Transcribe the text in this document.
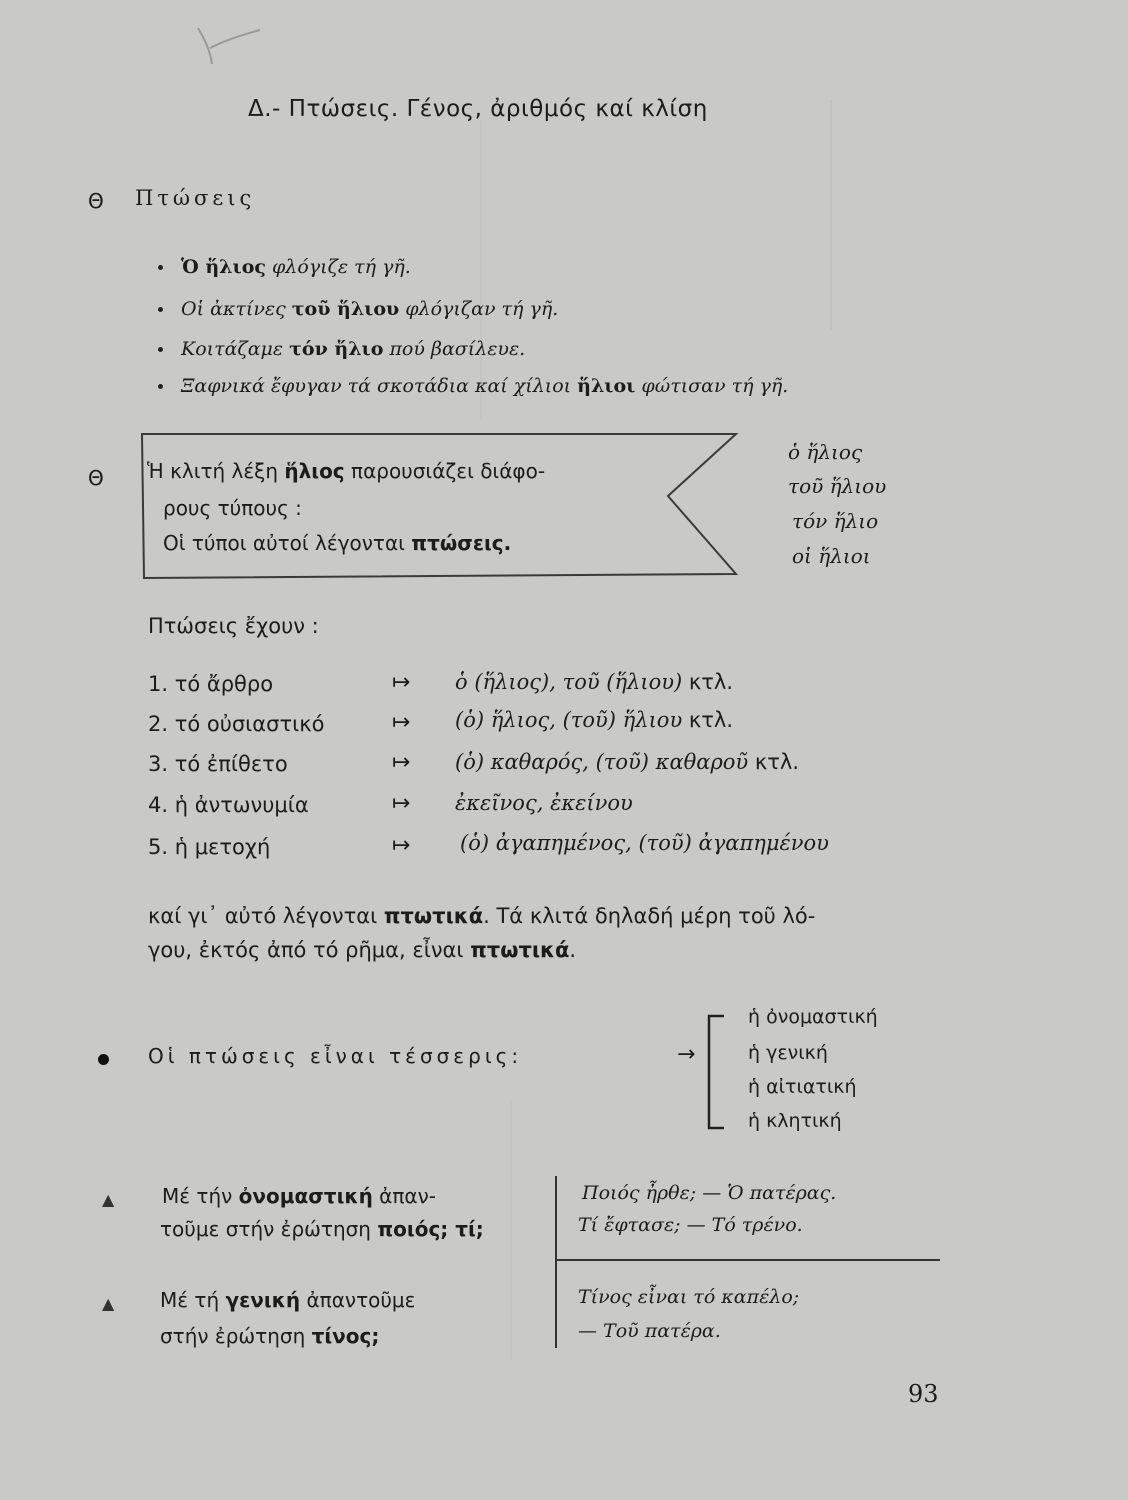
Δ.- Πτώσεις. Γένος, ἀριθμός καί κλίση
Θ Πτώσεις
Ὁ ἥλιος φλόγιζε τή γῆ.
Οἱ ἀκτίνες τοῦ ἥλιου φλόγιζαν τή γῆ.
Κοιτάζαμε τόν ἥλιο πού βασίλευε.
Ξαφνικά ἔφυγαν τά σκοτάδια καί χίλιοι ἥλιοι φώτισαν τή γῆ.
Θ Ἡ κλιτή λέξη ἥλιος παρουσιάζει διάφο-
ρους τύπους :
Οἱ τύποι αὐτοί λέγονται πτώσεις.
ὁ ἥλιος
τοῦ ἥλιου
τόν ἥλιο
οἱ ἥλιοι
Πτώσεις ἔχουν :
1. τό ἄρθρο	↦ ὁ (ἥλιος), τοῦ (ἥλιου) κτλ.
2. τό οὐσιαστικό	↦ (ὁ) ἥλιος, (τοῦ) ἥλιου κτλ.
3. τό ἐπίθετο	↦ (ὁ) καθαρός, (τοῦ) καθαροῦ κτλ.
4. ἡ ἀντωνυμία	↦ ἐκεῖνος, ἐκείνου
5. ἡ μετοχή	↦ (ὁ) ἀγαπημένος, (τοῦ) ἀγαπημένου
καί γι᾽ αὐτό λέγονται πτωτικά. Τά κλιτά δηλαδή μέρη τοῦ λό-
γου, ἐκτός ἀπό τό ρῆμα, εἶναι πτωτικά.
Οἱ πτώσεις εἶναι τέσσερις:	→
ἡ ὀνομαστική
ἡ γενική
ἡ αἰτιατική
ἡ κλητική
▲ Μέ τήν ὀνομαστική ἀπαν-
τοῦμε στήν ἐρώτηση ποιός; τί;
Ποιός ἦρθε; — Ὁ πατέρας.
Τί ἔφτασε; — Τό τρένο.
▲ Μέ τή γενική ἀπαντοῦμε
στήν ἐρώτηση τίνος;
Τίνος εἶναι τό καπέλο;
— Τοῦ πατέρα.
93
